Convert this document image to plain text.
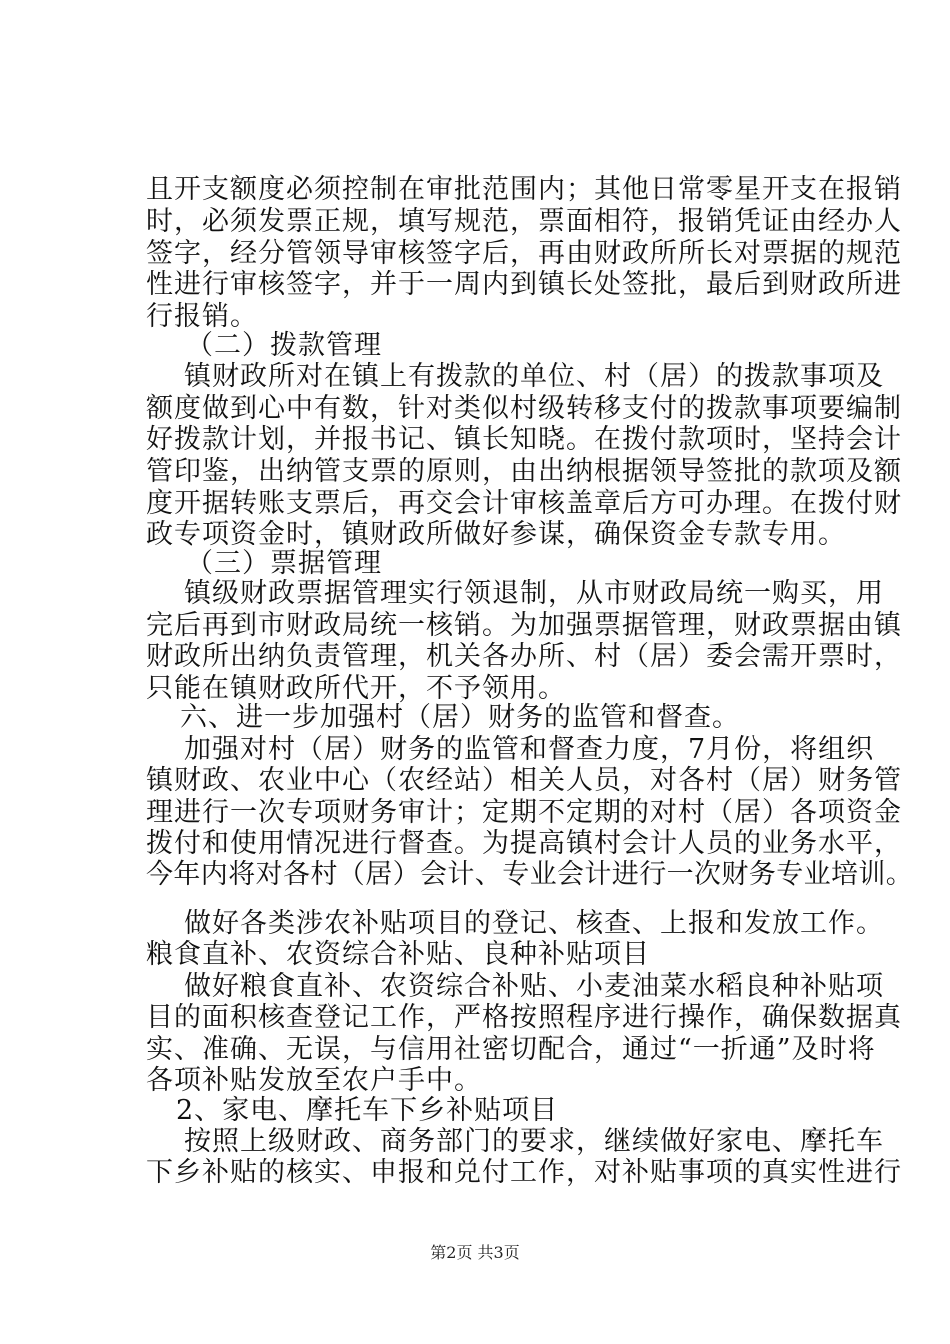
且开支额度必须控制在审批范围内；其他日常零星开支在报销
时，必须发票正规，填写规范，票面相符，报销凭证由经办人
签字，经分管领导审核签字后，再由财政所所长对票据的规范
性进行审核签字，并于一周内到镇长处签批，最后到财政所进
行报销。
（二）拨款管理
镇财政所对在镇上有拨款的单位、村（居）的拨款事项及
额度做到心中有数，针对类似村级转移支付的拨款事项要编制
好拨款计划，并报书记、镇长知晓。在拨付款项时，坚持会计
管印鉴，出纳管支票的原则，由出纳根据领导签批的款项及额
度开据转账支票后，再交会计审核盖章后方可办理。在拨付财
政专项资金时，镇财政所做好参谋，确保资金专款专用。
（三）票据管理
镇级财政票据管理实行领退制，从市财政局统一购买，用
完后再到市财政局统一核销。为加强票据管理，财政票据由镇
财政所出纳负责管理，机关各办所、村（居）委会需开票时，
只能在镇财政所代开，不予领用。
六、进一步加强村（居）财务的监管和督查。
加强对村（居）财务的监管和督查力度，7月份，将组织
镇财政、农业中心（农经站）相关人员，对各村（居）财务管
理进行一次专项财务审计；定期不定期的对村（居）各项资金
拨付和使用情况进行督查。为提高镇村会计人员的业务水平，
今年内将对各村（居）会计、专业会计进行一次财务专业培训。
做好各类涉农补贴项目的登记、核查、上报和发放工作。
粮食直补、农资综合补贴、良种补贴项目
做好粮食直补、农资综合补贴、小麦油菜水稻良种补贴项
目的面积核查登记工作，严格按照程序进行操作，确保数据真
实、准确、无误，与信用社密切配合，通过“一折通”及时将
各项补贴发放至农户手中。
2、家电、摩托车下乡补贴项目
按照上级财政、商务部门的要求，继续做好家电、摩托车
下乡补贴的核实、申报和兑付工作，对补贴事项的真实性进行
第2页 共3页
